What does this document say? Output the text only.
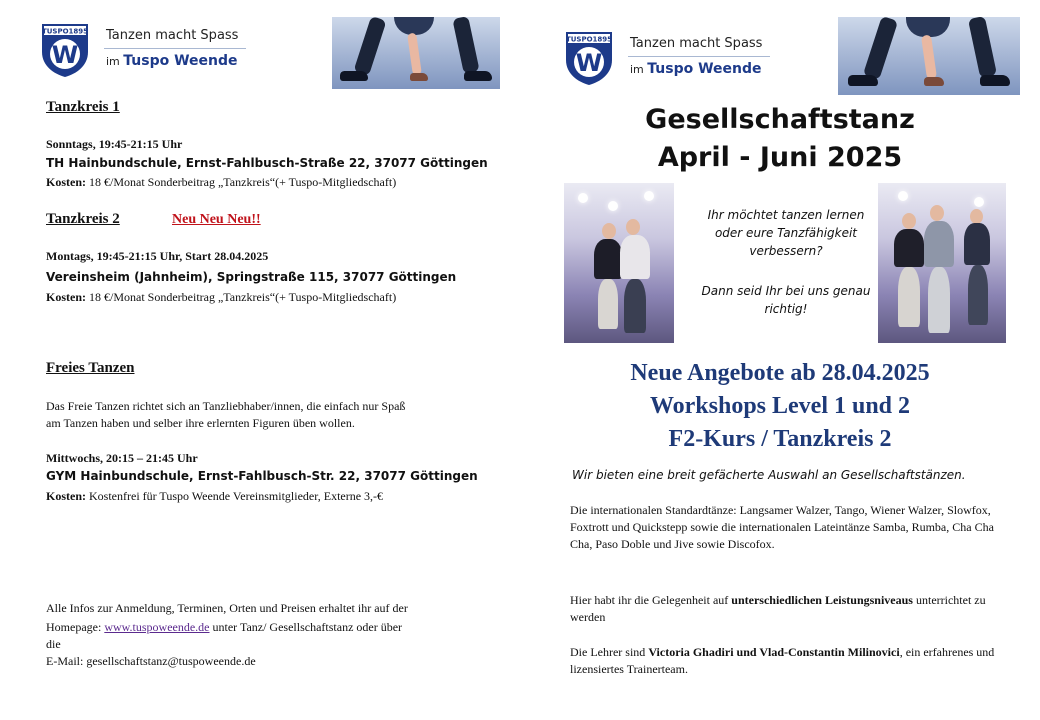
TUSPO1895
W
Tanzen macht Spass
im Tuspo Weende
Tanzkreis 1
Sonntags, 19:45-21:15 Uhr
TH Hainbundschule, Ernst-Fahlbusch-Straße 22, 37077 Göttingen
Kosten: 18 €/Monat Sonderbeitrag „Tanzkreis“(+ Tuspo-Mitgliedschaft)
Tanzkreis 2	Neu Neu Neu!!
Montags, 19:45-21:15 Uhr, Start 28.04.2025
Vereinsheim (Jahnheim), Springstraße 115, 37077 Göttingen
Kosten: 18 €/Monat Sonderbeitrag „Tanzkreis“(+ Tuspo-Mitgliedschaft)
Freies Tanzen
Das Freie Tanzen richtet sich an Tanzliebhaber/innen, die einfach nur Spaß
am Tanzen haben und selber ihre erlernten Figuren üben wollen.
Mittwochs, 20:15 – 21:45 Uhr
GYM Hainbundschule, Ernst-Fahlbusch-Str. 22, 37077 Göttingen
Kosten: Kostenfrei für Tuspo Weende Vereinsmitglieder, Externe 3,-€
Alle Infos zur Anmeldung, Terminen, Orten und Preisen erhaltet ihr auf der
Homepage: www.tuspoweende.de unter Tanz/ Gesellschaftstanz oder über
die
E-Mail: gesellschaftstanz@tuspoweende.de
TUSPO1895
W
Tanzen macht Spass
im Tuspo Weende
Gesellschaftstanz
April - Juni 2025
Ihr möchtet tanzen lernen oder eure Tanzfähigkeit verbessern?
Dann seid Ihr bei uns genau richtig!
Neue Angebote ab 28.04.2025
Workshops Level 1 und 2
F2-Kurs / Tanzkreis 2
Wir bieten eine breit gefächerte Auswahl an Gesellschaftstänzen.
Die internationalen Standardtänze: Langsamer Walzer, Tango, Wiener Walzer, Slowfox, Foxtrott und Quickstepp sowie die internationalen Lateintänze Samba, Rumba, Cha Cha Cha, Paso Doble und Jive sowie Discofox.
Hier habt ihr die Gelegenheit auf unterschiedlichen Leistungsniveaus unterrichtet zu werden
Die Lehrer sind Victoria Ghadiri und Vlad-Constantin Milinovici, ein erfahrenes und lizensiertes Trainerteam.
